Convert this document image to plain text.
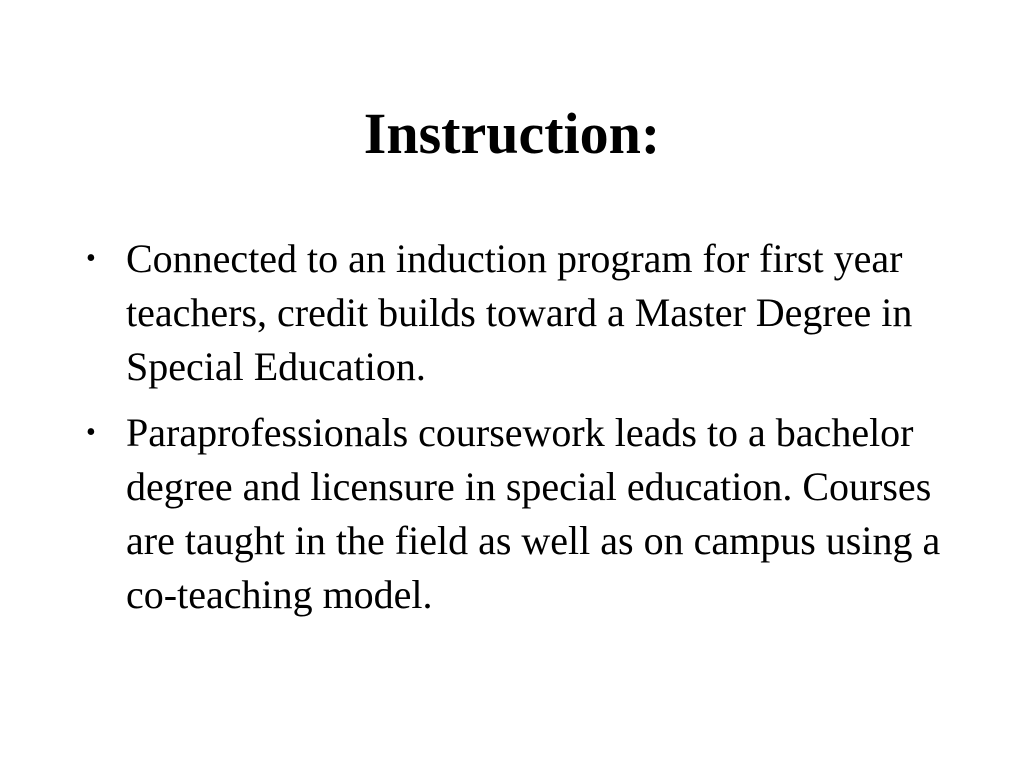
Instruction:
• Connected to an induction program for first year teachers, credit builds toward a Master Degree in Special Education.
• Paraprofessionals coursework leads to a bachelor degree and licensure in special education. Courses are taught in the field as well as on campus using a co-teaching model.
